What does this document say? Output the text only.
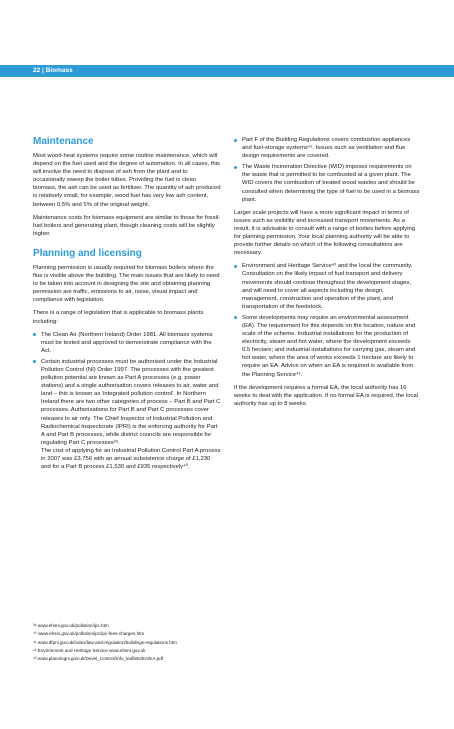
22 | Biomass
Maintenance

Most wood-heat systems require some routine maintenance, which will depend on the fuel used and the degree of automation. In all cases, this will involve the need to dispose of ash from the plant and to occasionally sweep the boiler tubes. Providing the fuel is clean biomass, the ash can be used as fertiliser. The quantity of ash produced is relatively small, for example, wood fuel has very low ash content, between 0.5% and 5% of the original weight.

Maintenance costs for biomass equipment are similar to those for fossil-fuel boilers and generating plant, though cleaning costs will be slightly higher.

Planning and licensing

Planning permission is usually required for biomass boilers where the flue is visible above the building. The main issues that are likely to need to be taken into account in designing the site and obtaining planning permission are traffic, emissions to air, noise, visual impact and compliance with legislation.

There is a range of legislation that is applicable to biomass plants including:

The Clean Air (Northern Ireland) Order 1981. All biomass systems must be tested and approved to demonstrate compliance with the Act.

Certain industrial processes must be authorised under the Industrial Pollution Control (NI) Order 1997. The processes with the greatest pollution potential are known as Part A processes (e.g. power stations) and a single authorisation covers releases to air, water and land – this is known as 'integrated pollution control'. In Northern Ireland there are two other categories of process – Part B and Part C processes. Authorisations for Part B and Part C processes cover releases to air only. The Chief Inspector of Industrial Pollution and Radiochemical Inspectorate (IPRI) is the enforcing authority for Part A and Part B processes, while district councils are responsible for regulating Part C processes³⁹.

The cost of applying for an Industrial Pollution Control Part A process in 2007 was £3,756 with an annual subsistence charge of £1,230 and for a Part B process £1,530 and £935 respectively⁴⁰.

Part F of the Building Regulations covers combustion appliances and fuel-storage systems⁴¹. Issues such as ventilation and flue design requirements are covered.

The Waste Incineration Directive (WID) imposes requirements on the waste that is permitted to be combusted at a given plant. The WID covers the combustion of treated wood wastes and should be consulted when determining the type of fuel to be used in a biomass plant.

Larger scale projects will have a more significant impact in terms of issues such as visibility and increased transport movements. As a result, it is advisable to consult with a range of bodies before applying for planning permission. Your local planning authority will be able to provide further details on which of the following consultations are necessary.

Environment and Heritage Service⁴² and the local the community. Consultation on the likely impact of fuel transport and delivery movements should continue throughout the development stages, and will need to cover all aspects including the design, management, construction and operation of the plant, and transportation of the feedstock.

Some developments may require an environmental assessment (EA). The requirement for this depends on the location, nature and scale of the scheme. Industrial installations for the production of electricity, steam and hot water, where the development exceeds 0.5 hectare; and industrial installations for carrying gas, steam and hot water, where the area of works exceeds 1 hectare are likely to require an EA. Advice on when an EA is required is available from the Planning Service⁴³.

If the development requires a formal EA, the local authority has 16 weeks to deal with the application. If no formal EA is required, the local authority has up to 8 weeks.

³⁹ www.ehsni.gov.uk/pollution/ipc.htm
⁴⁰ www.ehsni.gov.uk/pollution/ipc/ipc-fees-charges.htm
⁴¹ www.dfpni.gov.uk/index/law-and-regulation/buildings-regulations.htm
⁴² Environment and Heritage Service www.ehsni.gov.uk
⁴³ www.planningni.gov.uk/Devel_Control/Info_leaflets/EA/EA.pdf
